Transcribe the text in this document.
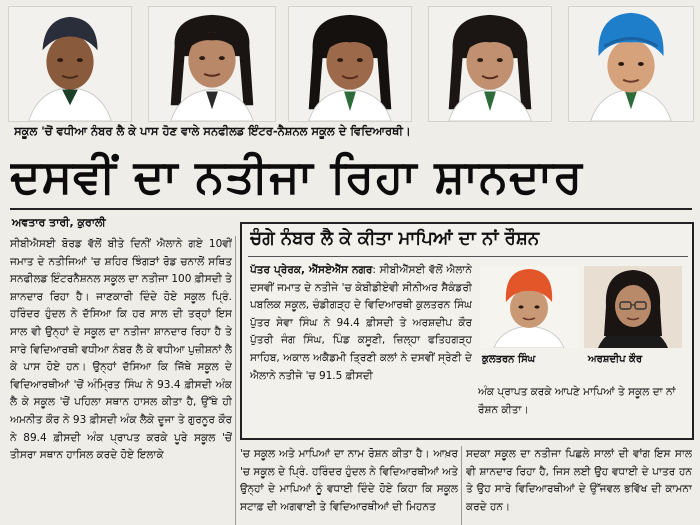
ਸਕੂਲ 'ਚੋਂ ਵਧੀਆ ਨੰਬਰ ਲੈ ਕੇ ਪਾਸ ਹੋਣ ਵਾਲੇ ਸਨਫੀਲਡ ਇੰਟਰ-ਨੈਸ਼ਨਲ ਸਕੂਲ ਦੇ ਵਿਦਿਆਰਥੀ।
ਦਸਵੀਂ ਦਾ ਨਤੀਜਾ ਰਿਹਾ ਸ਼ਾਨਦਾਰ
ਅਵਤਾਰ ਤਾਰੀ, ਕੁਰਾਲੀ

ਸੀਬੀਐਸਈ ਬੋਰਡ ਵੱਲੋਂ ਬੀਤੇ ਦਿਨੀਂ ਐਲਾਨੇ ਗਏ 10ਵੀਂ ਜਮਾਤ ਦੇ ਨਤੀਜਿਆਂ 'ਚ ਸ਼ਹਿਰ ਝਿੰਗੜਾਂ ਰੋਡ ਚਨਾਲੋਂ ਸਥਿਤ ਸਨਫੀਲਡ ਇੰਟਰਨੈਸ਼ਨਲ ਸਕੂਲ ਦਾ ਨਤੀਜਾ 100 ਫ਼ੀਸਦੀ ਤੇ ਸ਼ਾਨਦਾਰ ਰਿਹਾ ਹੈ। ਜਾਣਕਾਰੀ ਦਿੰਦੇ ਹੋਏ ਸਕੂਲ ਪ੍ਰਿੰ. ਹਰਿੰਦਰ ਹੁੰਦਲ ਨੇ ਦੱਸਿਆ ਕਿ ਹਰ ਸਾਲ ਦੀ ਤਰ੍ਹਾਂ ਇਸ ਸਾਲ ਵੀ ਉਨ੍ਹਾਂ ਦੇ ਸਕੂਲ ਦਾ ਨਤੀਜਾ ਸ਼ਾਨਦਾਰ ਰਿਹਾ ਹੈ ਤੇ ਸਾਰੇ ਵਿਦਿਆਰਥੀ ਵਧੀਆ ਨੰਬਰ ਲੈ ਕੇ ਵਧੀਆ ਪੁਜ਼ੀਸ਼ਨਾਂ ਲੈ ਕੇ ਪਾਸ ਹੋਏ ਹਨ। ਉਨ੍ਹਾਂ ਦੱਸਿਆ ਕਿ ਜਿੱਥੇ ਸਕੂਲ ਦੇ ਵਿਦਿਆਰਥੀਆਂ 'ਚੋਂ ਅੰਮ੍ਰਿਤ ਸਿੰਘ ਨੇ 93.4 ਫ਼ੀਸਦੀ ਅੰਕ ਲੈ ਕੇ ਸਕੂਲ 'ਚੋਂ ਪਹਿਲਾ ਸਥਾਨ ਹਾਸਲ ਕੀਤਾ ਹੈ, ਉੱਥੇ ਹੀ ਅਮਨੀਤ ਕੌਰ ਨੇ 93 ਫ਼ੀਸਦੀ ਅੰਕ ਲੈਕੇ ਦੂਜਾ ਤੇ ਗੁਰਨੂਰ ਕੌਰ ਨੇ 89.4 ਫ਼ੀਸਦੀ ਅੰਕ ਪ੍ਰਾਪਤ ਕਰਕੇ ਪੂਰੇ ਸਕੂਲ 'ਚੋਂ ਤੀਸਰਾ ਸਥਾਨ ਹਾਸਿਲ ਕਰਦੇ ਹੋਏ ਇਲਾਕੇ

ਚੰਗੇ ਨੰਬਰ ਲੈ ਕੇ ਕੀਤਾ ਮਾਪਿਆਂ ਦਾ ਨਾਂ ਰੌਸ਼ਨ

ਪੱਤਰ ਪ੍ਰੇਰਕ, ਐੱਸਏਐੱਸ ਨਗਰ: ਸੀਬੀਐੱਸਈ ਵੱਲੋਂ ਐਲਾਨੇ ਦਸਵੀਂ ਜਮਾਤ ਦੇ ਨਤੀਜੇ 'ਚ ਕੇਬੀਡੀਏਵੀ ਸੀਨੀਅਰ ਸੈਕੰਡਰੀ ਪਬਲਿਕ ਸਕੂਲ, ਚੰਡੀਗੜ੍ਹ ਦੇ ਵਿਦਿਆਰਥੀ ਕੁਲਤਰਨ ਸਿੰਘ ਪੁੱਤਰ ਸੇਵਾ ਸਿੰਘ ਨੇ 94.4 ਫ਼ੀਸਦੀ ਤੇ ਅਰਸ਼ਦੀਪ ਕੌਰ ਪੁੱਤਰੀ ਜੰਗ ਸਿੰਘ, ਪਿੰਡ ਕਸੂਣੀ, ਜ਼ਿਲ੍ਹਾ ਫਤਿਹਗੜ੍ਹ ਸਾਹਿਬ, ਅਕਾਲ ਅਕੈਡਮੀ ਤ੍ਰਿਣੀ ਕਲਾਂ ਨੇ ਦਸਵੀਂ ਸ੍ਰੇਣੀ ਦੇ ਐਲਾਨੇ ਨਤੀਜੇ 'ਚ 91.5 ਫ਼ੀਸਦੀ

ਕੁਲਤਰਨ ਸਿੰਘ	ਅਰਸ਼ਦੀਪ ਕੌਰ

ਅੰਕ ਪ੍ਰਾਪਤ ਕਰਕੇ ਆਪਣੇ ਮਾਪਿਆਂ ਤੇ ਸਕੂਲ ਦਾ ਨਾਂ ਰੌਸ਼ਨ ਕੀਤਾ।

'ਚ ਸਕੂਲ ਅਤੇ ਮਾਪਿਆਂ ਦਾ ਨਾਮ ਰੋਸ਼ਨ ਕੀਤਾ ਹੈ। ਆਖ਼ਰ 'ਚ ਸਕੂਲ ਦੇ ਪ੍ਰਿੰ. ਹਰਿੰਦਰ ਹੁੰਦਲ ਨੇ ਵਿਦਿਆਰਥੀਆਂ ਅਤੇ ਉਨ੍ਹਾਂ ਦੇ ਮਾਪਿਆਂ ਨੂੰ ਵਧਾਈ ਦਿੰਦੇ ਹੋਏ ਕਿਹਾ ਕਿ ਸਕੂਲ ਸਟਾਫ਼ ਦੀ ਅਗਵਾਈ ਤੇ ਵਿਦਿਆਰਥੀਆਂ ਦੀ ਮਿਹਨਤ

ਸਦਕਾ ਸਕੂਲ ਦਾ ਨਤੀਜਾ ਪਿਛਲੇ ਸਾਲਾਂ ਦੀ ਵਾਂਗ ਇਸ ਸਾਲ ਵੀ ਸ਼ਾਨਦਾਰ ਰਿਹਾ ਹੈ, ਜਿਸ ਲਈ ਉਹ ਵਧਾਈ ਦੇ ਪਾਤਰ ਹਨ ਤੇ ਉਹ ਸਾਰੇ ਵਿਦਿਆਰਥੀਆਂ ਦੇ ਉੱਜਵਲ ਭਵਿੱਖ ਦੀ ਕਾਮਨਾ ਕਰਦੇ ਹਨ।
